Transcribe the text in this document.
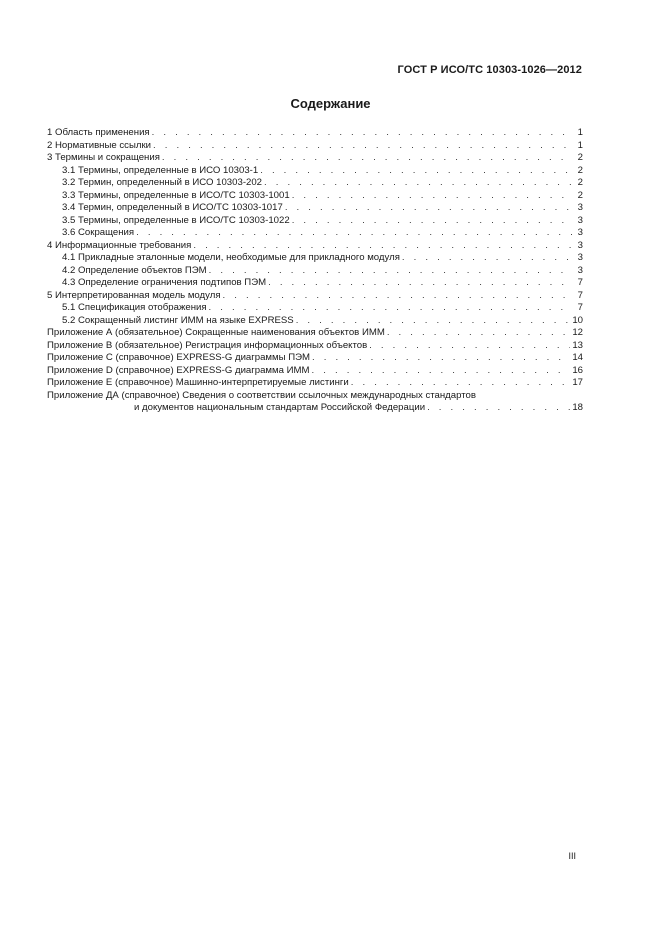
ГОСТ Р ИСО/ТС 10303-1026—2012
Содержание
1 Область применения . . .	1
2 Нормативные ссылки . . .	1
3 Термины и сокращения . . .	2
3.1 Термины, определенные в ИСО 10303-1 . . .	2
3.2 Термин, определенный в ИСО 10303-202 . . .	2
3.3 Термины, определенные в ИСО/ТС 10303-1001 . . .	2
3.4 Термин, определенный в ИСО/ТС 10303-1017 . . .	3
3.5 Термины, определенные в ИСО/ТС 10303-1022 . . .	3
3.6 Сокращения . . .	3
4 Информационные требования . . .	3
4.1 Прикладные эталонные модели, необходимые для прикладного модуля . . .	3
4.2 Определение объектов ПЭМ . . .	3
4.3 Определение ограничения подтипов ПЭМ . . .	7
5 Интерпретированная модель модуля . . .	7
5.1 Спецификация отображения . . .	7
5.2 Сокращенный листинг ИММ на языке EXPRESS . . .	10
Приложение А (обязательное) Сокращенные наименования объектов ИММ . . .	12
Приложение В (обязательное) Регистрация информационных объектов . . .	13
Приложение С (справочное) EXPRESS-G диаграммы ПЭМ . . .	14
Приложение D (справочное) EXPRESS-G диаграмма ИММ . . .	16
Приложение Е (справочное) Машинно-интерпретируемые листинги . . .	17
Приложение ДА (справочное) Сведения о соответствии ссылочных международных стандартов
и документов национальным стандартам Российской Федерации . . .	18
III
